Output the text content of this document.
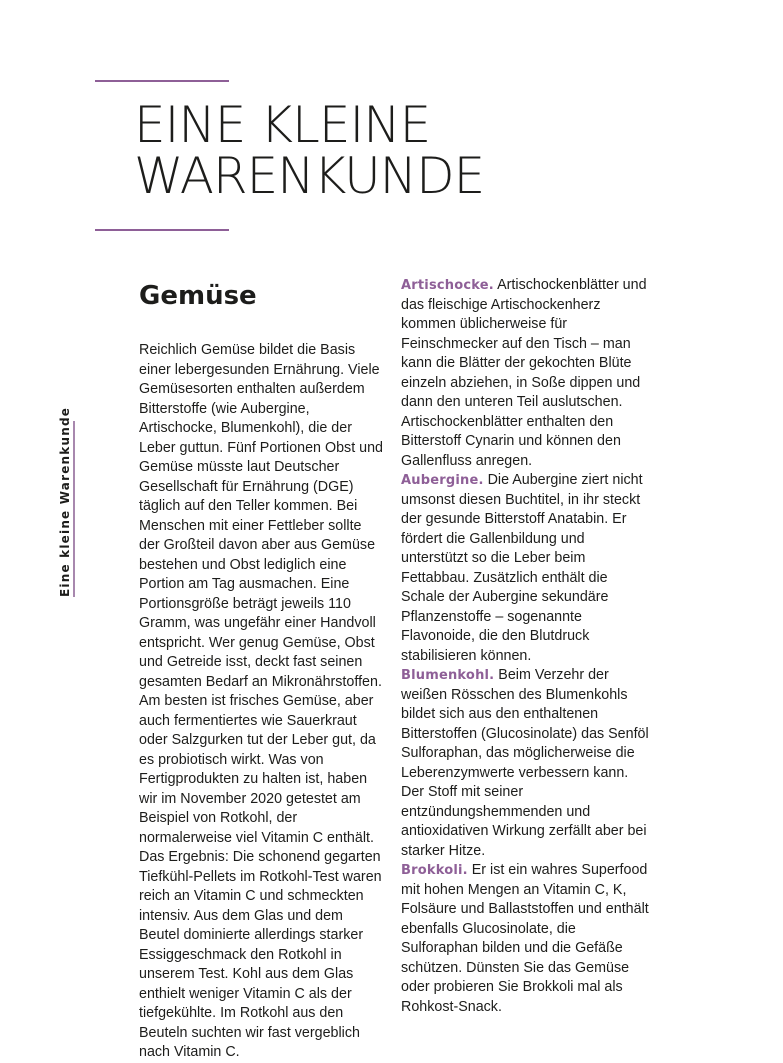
EINE KLEINE
WARENKUNDE
Eine kleine Warenkunde
Gemüse

Reichlich Gemüse bildet die Basis einer lebergesunden Ernährung. Viele Gemüsesorten enthalten außerdem Bitterstoffe (wie Aubergine, Artischocke, Blumenkohl), die der Leber guttun. Fünf Portionen Obst und Gemüse müsste laut Deutscher Gesellschaft für Ernährung (DGE) täglich auf den Teller kommen. Bei Menschen mit einer Fettleber sollte der Großteil davon aber aus Gemüse bestehen und Obst lediglich eine Portion am Tag ausmachen. Eine Portionsgröße beträgt jeweils 110 Gramm, was ungefähr einer Handvoll entspricht. Wer genug Gemüse, Obst und Getreide isst, deckt fast seinen gesamten Bedarf an Mikronährstoffen. Am besten ist frisches Gemüse, aber auch fermentiertes wie Sauerkraut oder Salzgurken tut der Leber gut, da es probiotisch wirkt. Was von Fertigprodukten zu halten ist, haben wir im November 2020 getestet am Beispiel von Rotkohl, der normalerweise viel Vitamin C enthält. Das Ergebnis: Die schonend gegarten Tiefkühl-Pellets im Rotkohl-Test waren reich an Vitamin C und schmeckten intensiv. Aus dem Glas und dem Beutel dominierte allerdings starker Essiggeschmack den Rotkohl in unserem Test. Kohl aus dem Glas enthielt weniger Vitamin C als der tiefgekühlte. Im Rotkohl aus den Beuteln suchten wir fast vergeblich nach Vitamin C.

Artischocke. Artischockenblätter und das fleischige Artischockenherz kommen üblicherweise für Feinschmecker auf den Tisch – man kann die Blätter der gekochten Blüte einzeln abziehen, in Soße dippen und dann den unteren Teil auslutschen. Artischockenblätter enthalten den Bitterstoff Cynarin und können den Gallenfluss anregen.

Aubergine. Die Aubergine ziert nicht umsonst diesen Buchtitel, in ihr steckt der gesunde Bitterstoff Anatabin. Er fördert die Gallenbildung und unterstützt so die Leber beim Fettabbau. Zusätzlich enthält die Schale der Aubergine sekundäre Pflanzenstoffe – sogenannte Flavonoide, die den Blutdruck stabilisieren können.

Blumenkohl. Beim Verzehr der weißen Rösschen des Blumenkohls bildet sich aus den enthaltenen Bitterstoffen (Glucosinolate) das Senföl Sulforaphan, das möglicherweise die Leberenzymwerte verbessern kann. Der Stoff mit seiner entzündungshemmenden und antioxidativen Wirkung zerfällt aber bei starker Hitze.

Brokkoli. Er ist ein wahres Superfood mit hohen Mengen an Vitamin C, K, Folsäure und Ballaststoffen und enthält ebenfalls Glucosinolate, die Sulforaphan bilden und die Gefäße schützen. Dünsten Sie das Gemüse oder probieren Sie Brokkoli mal als Rohkost-Snack.
